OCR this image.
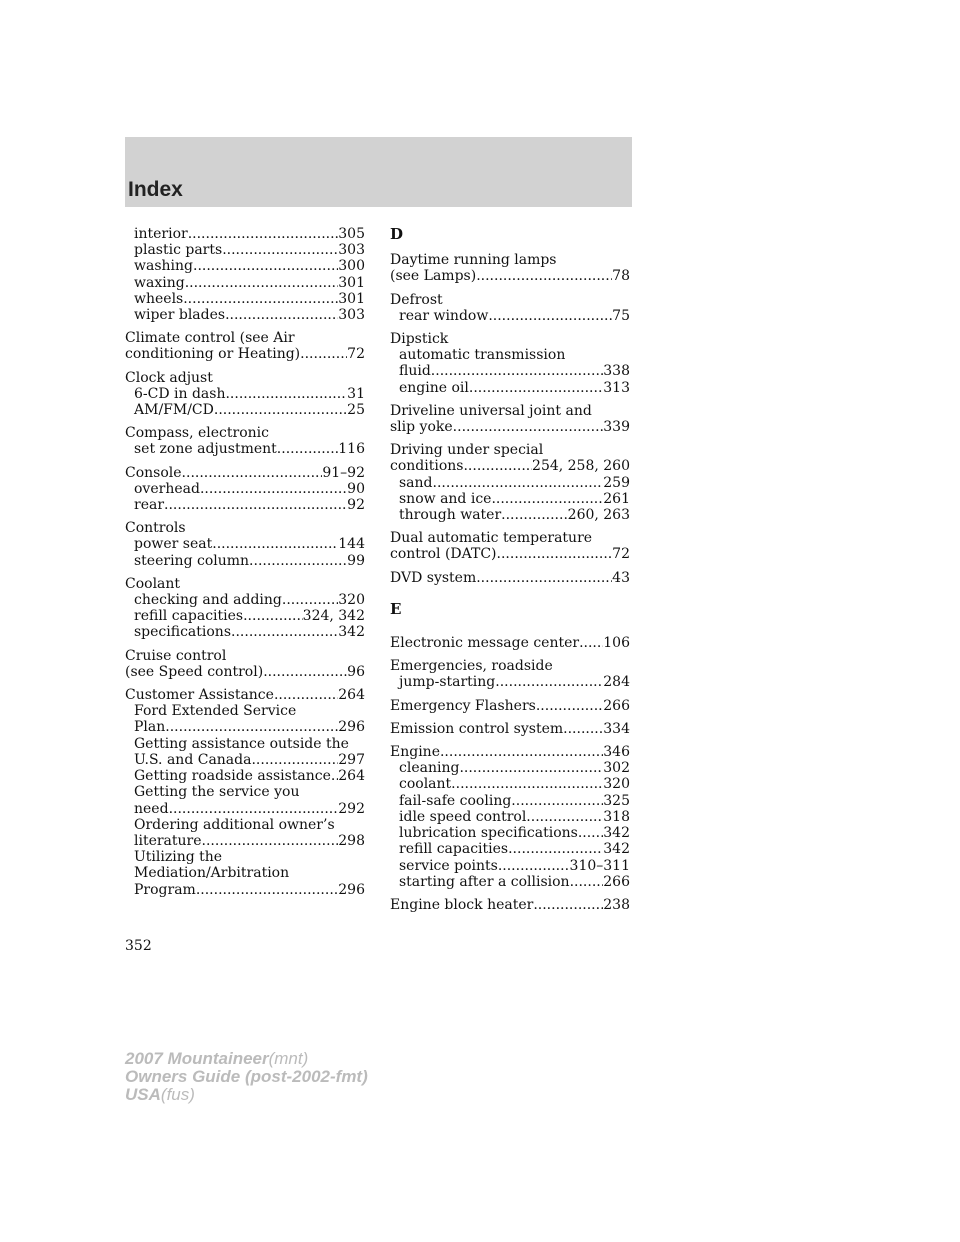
Index
interior .....	305
plastic parts .....	303
washing .....	300
waxing .....	301
wheels .....	301
wiper blades .....	303
Climate control (see Air
conditioning or Heating) .....	72
Clock adjust
6-CD in dash .....	31
AM/FM/CD .....	25
Compass, electronic
set zone adjustment .....	116
Console .....	91–92
overhead .....	90
rear .....	92
Controls
power seat .....	144
steering column .....	99
Coolant
checking and adding .....	320
refill capacities .....	324, 342
specifications .....	342
Cruise control
(see Speed control) .....	96
Customer Assistance .....	264
Ford Extended Service
Plan .....	296
Getting assistance outside the
U.S. and Canada .....	297
Getting roadside assistance ..... 264
Getting the service you
need .....	292
Ordering additional owner’s
literature .....	298
Utilizing the
Mediation/Arbitration
Program .....	296
D
Daytime running lamps
(see Lamps) .....	78
Defrost
rear window .....	75
Dipstick
automatic transmission
fluid .....	338
engine oil .....	313
Driveline universal joint and
slip yoke .....	339
Driving under special
conditions .....	254, 258, 260
sand .....	259
snow and ice .....	261
through water .....	260, 263
Dual automatic temperature
control (DATC) .....	72
DVD system .....	43
E
Electronic message center ..... 106
Emergencies, roadside
jump-starting .....	284
Emergency Flashers .....	266
Emission control system .....	334
Engine .....	346
cleaning .....	302
coolant .....	320
fail-safe cooling .....	325
idle speed control .....	318
lubrication specifications ..... 342
refill capacities .....	342
service points .....	310–311
starting after a collision ..... 266
Engine block heater .....	238
352
2007 Mountaineer(mnt)
Owners Guide (post-2002-fmt)
USA(fus)
